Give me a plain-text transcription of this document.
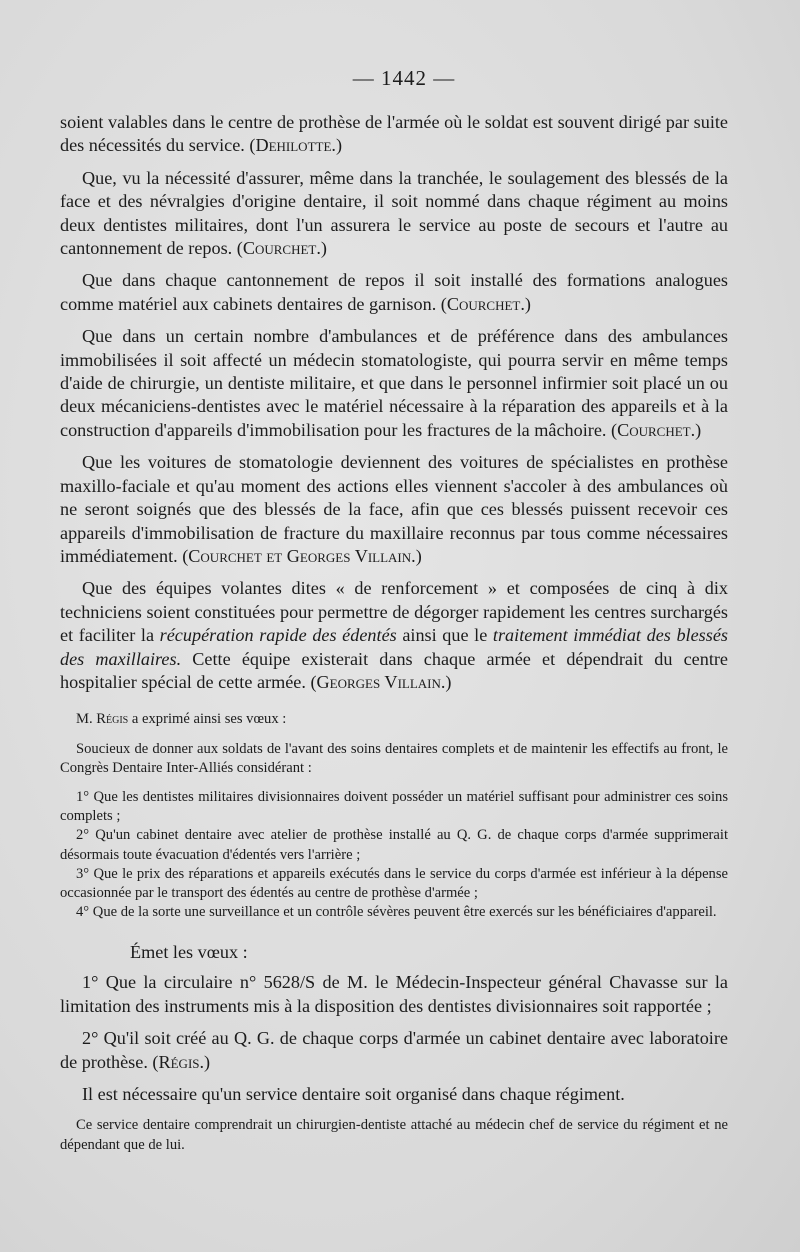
— 1442 —

soient valables dans le centre de prothèse de l'armée où le soldat est souvent dirigé par suite des nécessités du service. (Dehilotte.)

Que, vu la nécessité d'assurer, même dans la tranchée, le soulagement des blessés de la face et des névralgies d'origine dentaire, il soit nommé dans chaque régiment au moins deux dentistes militaires, dont l'un assurera le service au poste de secours et l'autre au cantonnement de repos. (Courchet.)

Que dans chaque cantonnement de repos il soit installé des formations analogues comme matériel aux cabinets dentaires de garnison. (Courchet.)

Que dans un certain nombre d'ambulances et de préférence dans des ambulances immobilisées il soit affecté un médecin stomatologiste, qui pourra servir en même temps d'aide de chirurgie, un dentiste militaire, et que dans le personnel infirmier soit placé un ou deux mécaniciens-dentistes avec le matériel nécessaire à la réparation des appareils et à la construction d'appareils d'immobilisation pour les fractures de la mâchoire. (Courchet.)

Que les voitures de stomatologie deviennent des voitures de spécialistes en prothèse maxillo-faciale et qu'au moment des actions elles viennent s'accoler à des ambulances où ne seront soignés que des blessés de la face, afin que ces blessés puissent recevoir ces appareils d'immobilisation de fracture du maxillaire reconnus par tous comme nécessaires immédiatement. (Courchet et Georges Villain.)

Que des équipes volantes dites « de renforcement » et composées de cinq à dix techniciens soient constituées pour permettre de dégorger rapidement les centres surchargés et faciliter la récupération rapide des édentés ainsi que le traitement immédiat des blessés des maxillaires. Cette équipe existerait dans chaque armée et dépendrait du centre hospitalier spécial de cette armée. (Georges Villain.)

M. Régis a exprimé ainsi ses vœux :

Soucieux de donner aux soldats de l'avant des soins dentaires complets et de maintenir les effectifs au front, le Congrès Dentaire Inter-Alliés considérant :

1° Que les dentistes militaires divisionnaires doivent posséder un matériel suffisant pour administrer ces soins complets ;

2° Qu'un cabinet dentaire avec atelier de prothèse installé au Q. G. de chaque corps d'armée supprimerait désormais toute évacuation d'édentés vers l'arrière ;

3° Que le prix des réparations et appareils exécutés dans le service du corps d'armée est inférieur à la dépense occasionnée par le transport des édentés au centre de prothèse d'armée ;

4° Que de la sorte une surveillance et un contrôle sévères peuvent être exercés sur les bénéficiaires d'appareil.

Émet les vœux :

1° Que la circulaire n° 5628/S de M. le Médecin-Inspecteur général Chavasse sur la limitation des instruments mis à la disposition des dentistes divisionnaires soit rapportée ;

2° Qu'il soit créé au Q. G. de chaque corps d'armée un cabinet dentaire avec laboratoire de prothèse. (Régis.)

Il est nécessaire qu'un service dentaire soit organisé dans chaque régiment.

Ce service dentaire comprendrait un chirurgien-dentiste attaché au médecin chef de service du régiment et ne dépendant que de lui.
